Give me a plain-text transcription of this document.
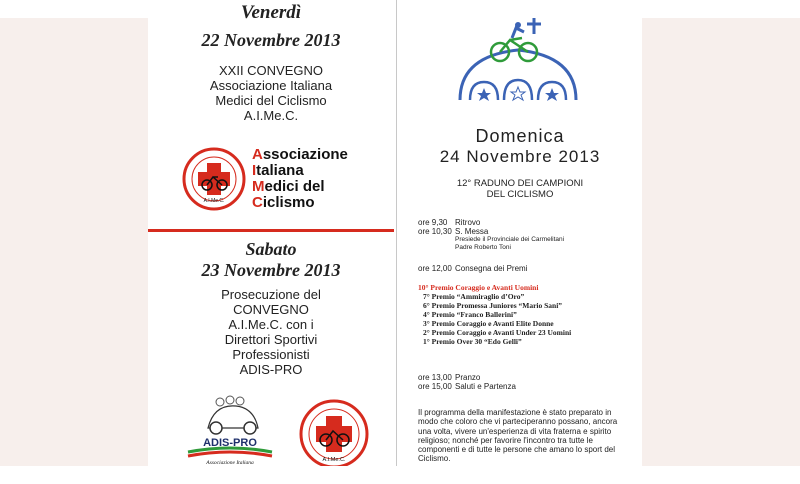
Venerdì
22 Novembre 2013
XXII CONVEGNO
Associazione Italiana
Medici del Ciclismo
A.I.Me.C.
A.I.Me.C.
Associazione
Italiana
Medici del
Ciclismo
Sabato
23 Novembre 2013
Prosecuzione del
CONVEGNO
A.I.Me.C. con i
Direttori Sportivi
Professionisti
ADIS-PRO
ADIS-PRO
Associazione Italiana	A.I.Me.C.
Domenica
24 Novembre 2013
12° RADUNO DEI CAMPIONI
DEL CICLISMO
ore 9,30 Ritrovo
ore 10,30 S. Messa
Presiede il Provinciale dei Carmelitani
Padre Roberto Toni
ore 12,00 Consegna dei Premi
10° Premio Coraggio e Avanti Uomini
7° Premio “Ammiraglio d’Oro”
6° Premio Promessa Juniores “Mario Sani”
4° Premio “Franco Ballerini”
3° Premio Coraggio e Avanti Elite Donne
2° Premio Coraggio e Avanti Under 23 Uomini
1° Premio Over 30 “Edo Gelli”
ore 13,00 Pranzo
ore 15,00 Saluti e Partenza
Il programma della manifestazione è stato preparato in modo che coloro che vi parteciperanno possano, ancora una volta, vivere un'esperienza di vita fraterna e spirito religioso; nonché per favorire l'incontro tra tutte le componenti e di tutte le persone che amano lo sport del Ciclismo.
